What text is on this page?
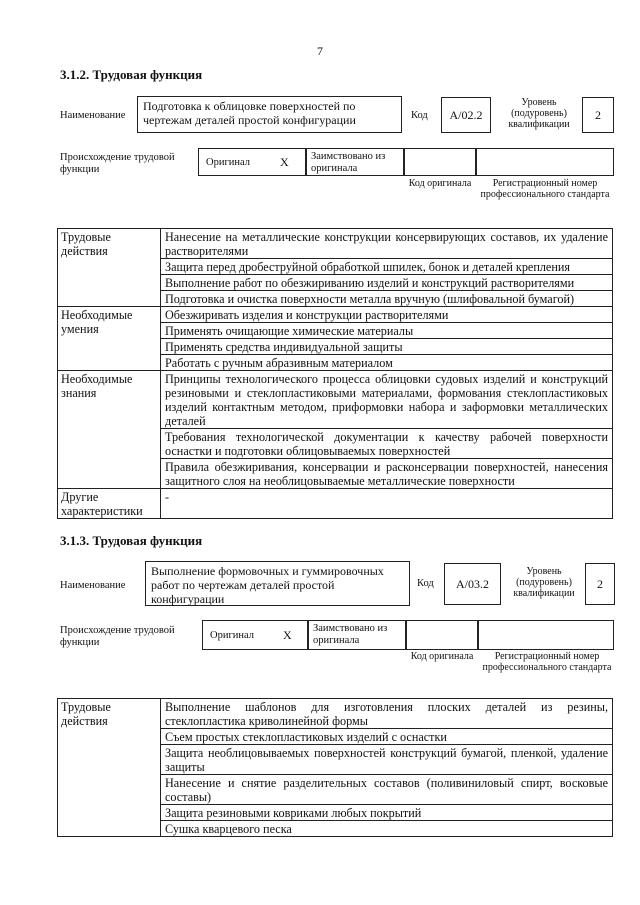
7
3.1.2. Трудовая функция
Наименование
Подготовка к облицовке поверхностей по чертежам деталей простой конфигурации	Код	A/02.2
Уровень (подуровень) квалификации
2
Происхождение трудовой функции
Оригинал	X Заимствовано из оригинала
Код оригинала	Регистрационный номер профессионального стандарта
Трудовые действия	Нанесение на металлические конструкции консервирующих составов, их удаление растворителями
	Защита перед дробеструйной обработкой шпилек, бонок и деталей крепления
	Выполнение работ по обезжириванию изделий и конструкций растворителями
	Подготовка и очистка поверхности металла вручную (шлифовальной бумагой)
Необходимые умения	Обезжиривать изделия и конструкции растворителями
	Применять очищающие химические материалы
	Применять средства индивидуальной защиты
	Работать с ручным абразивным материалом
Необходимые знания	Принципы технологического процесса облицовки судовых изделий и конструкций резиновыми и стеклопластиковыми материалами, формования стеклопластиковых изделий контактным методом, приформовки набора и заформовки металлических деталей
	Требования технологической документации к качеству рабочей поверхности оснастки и подготовки облицовываемых поверхностей
	Правила обезжиривания, консервации и расконсервации поверхностей, нанесения защитного слоя на необлицовываемые металлические поверхности
Другие характеристики	-
3.1.3. Трудовая функция
Наименование
Выполнение формовочных и гуммировочных работ по чертежам деталей простой конфигурации
Код	A/03.2
Уровень (подуровень) квалификации
2
Происхождение трудовой функции
Оригинал X Заимствовано из оригинала
Код оригинала	Регистрационный номер профессионального стандарта
Трудовые действия	Выполнение шаблонов для изготовления плоских деталей из резины, стеклопластика криволинейной формы
Съем простых стеклопластиковых изделий с оснастки
Защита необлицовываемых поверхностей конструкций бумагой, пленкой, удаление защиты
Нанесение и снятие разделительных составов (поливиниловый спирт, восковые составы)
Защита резиновыми ковриками любых покрытий
Сушка кварцевого песка
